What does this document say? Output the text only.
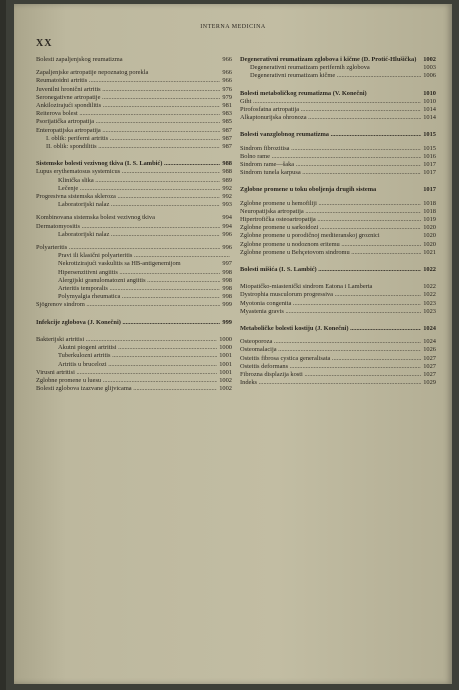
INTERNA MEDICINA
XX
Bolesti zapaljenjskog reumatizma	966
Zapaljenjske artropatije nepoznatog porekla	966
Reumatoidni artritis .....	966
Juvenilni hronični artritis .....	976
Seronegativne artropatije .....	979
Ankilozirajući spondilitis .....	981
Reiterova bolest .....	983
Psorijatička artropatija .....	985
Enteropatijska artropatija .....	987
I. oblik: periferni artritis .....	987
II. oblik: spondilitis .....	987
Sistemske bolesti vezivnog tkiva (I. S. Lambić) .....	988
Lupus erythematosus systemicus .....	988
Klinička slika .....	989
Lečenje .....	992
Progresivna sistemska skleroza .....	992
Laboratorijski nalaz .....	993
Kombinovana sistemska bolest vezivnog tkiva	994
Dermatomyositis .....	994
Laboratorijski nalaz .....	996
Polyarteritis .....	996
Pravi ili klasični polyarteritis .....
Nekrotizirajući vaskulitis sa HB-antigenemijom	997
Hipersenzitivni angiitis .....	998
Alergijski granulomatozni angiitis .....	998
Arteritis temporalis .....	998
Polymyalgia rheumatica .....	998
Sjögrenov sindrom .....	999
Infekcije zglobova (J. Konečni) .....	999
Bakterijski artritisi .....	1000
Akutni piogeni artritisi .....	1000
Tuberkulozni artritis .....	1001
Artritis u brucelozi .....	1001
Virusni artritisi .....	1001
Zglobne promene u luesu .....	1002
Bolesti zglobova izazvane glijvicama .....	1002
Degenerativni reumatizam zglobova i kičme (D. Protić-Hlušička)	1002
Degenerativni reumatizam perifernih zglobova	1003
Degenerativni reumatizam kičme .....	1006
Bolesti metaboličkog reumatizma (V. Konečni)	1010
Giht .....	1010
Pirofosfatna artropatija .....	1014
Alkaptonurijska ohronoza .....	1014
Bolesti vanzglobnog reumatizma .....	1015
Sindrom fibrozitisa .....	1015
Bolno rame .....	1016
Sindrom rame—šaka .....	1017
Sindrom tunela karpusa .....	1017
Zglobne promene u toku obolјenja drugih sistema	1017
Zglobne promene u hemofiliji .....	1018
Neuropatijska artropatija .....	1018
Hipertrofička osteoartropatija .....	1019
Zglobne promene u sarkoidozi .....	1020
Zglobne promene u porodičnoj mediteranskoj groznici	1020
Zglobne promene u nodoznom eritemu .....	1020
Zglobne promene u Behçetovom sindromu .....	1021
Bolesti mišića (I. S. Lambić) .....	1022
Miopatičko-miastenički sindrom Eatona i Lamberta	1022
Dystrophia musculorum progressiva .....	1022
Myotonia congenita .....	1023
Myastenia gravis .....	1023
Metaboličke bolesti kostiju (J. Konečni) .....	1024
Osteoporoza .....	1024
Osteomalacija .....	1026
Osteitis fibrosa cystica generalisata .....	1027
Osteitis deformans .....	1027
Fibrozna displazija kosti .....	1027
Indeks .....	1029
